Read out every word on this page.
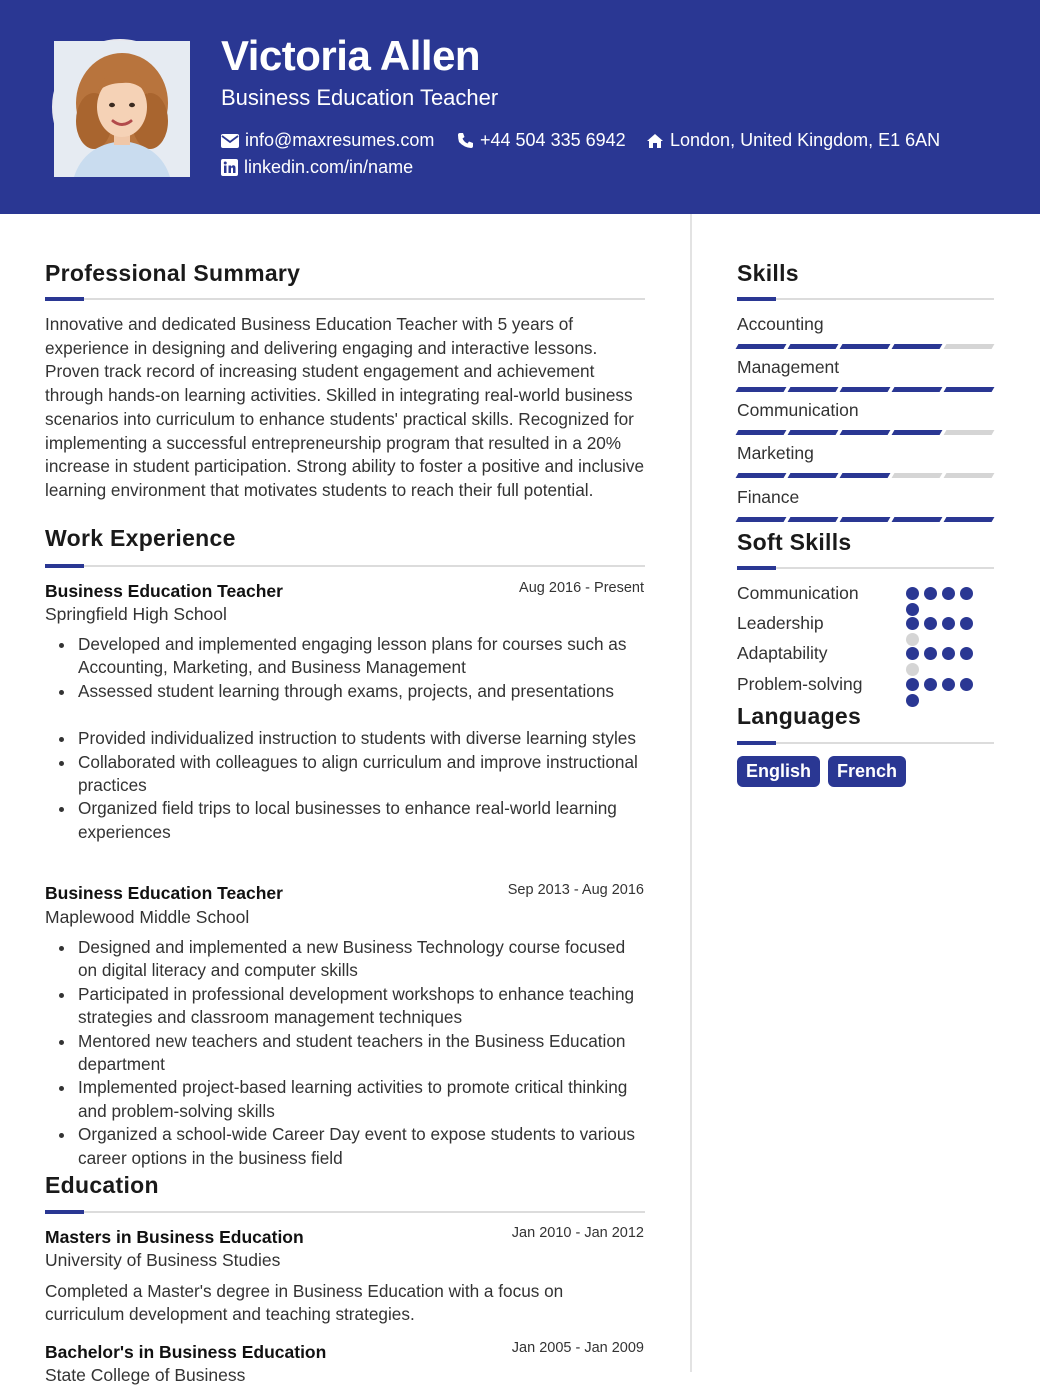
Victoria Allen
Business Education Teacher
info@maxresumes.com	+44 504 335 6942 London, United Kingdom, E1 6AN
linkedin.com/in/name
Professional Summary
Innovative and dedicated Business Education Teacher with 5 years of experience in designing and delivering engaging and interactive lessons. Proven track record of increasing student engagement and achievement through hands-on learning activities. Skilled in integrating real-world business scenarios into curriculum to enhance students' practical skills. Recognized for implementing a successful entrepreneurship program that resulted in a 20% increase in student participation. Strong ability to foster a positive and inclusive learning environment that motivates students to reach their full potential.
Work Experience
Business Education Teacher
Springfield High School
Aug 2016 - Present
Developed and implemented engaging lesson plans for courses such as Accounting, Marketing, and Business Management
Assessed student learning through exams, projects, and presentations
Provided individualized instruction to students with diverse learning styles
Collaborated with colleagues to align curriculum and improve instructional practices
Organized field trips to local businesses to enhance real-world learning experiences
Business Education Teacher
Maplewood Middle School
Sep 2013 - Aug 2016
Designed and implemented a new Business Technology course focused on digital literacy and computer skills
Participated in professional development workshops to enhance teaching strategies and classroom management techniques
Mentored new teachers and student teachers in the Business Education department
Implemented project-based learning activities to promote critical thinking and problem-solving skills
Organized a school-wide Career Day event to expose students to various career options in the business field
Education
Masters in Business Education
University of Business Studies
Jan 2010 - Jan 2012
Completed a Master's degree in Business Education with a focus on curriculum development and teaching strategies.
Bachelor's in Business Education
State College of Business
Jan 2005 - Jan 2009
Skills
Accounting
Management
Communication
Marketing
Finance
Soft Skills
Communication
Leadership
Adaptability
Problem-solving
Languages
English	French
